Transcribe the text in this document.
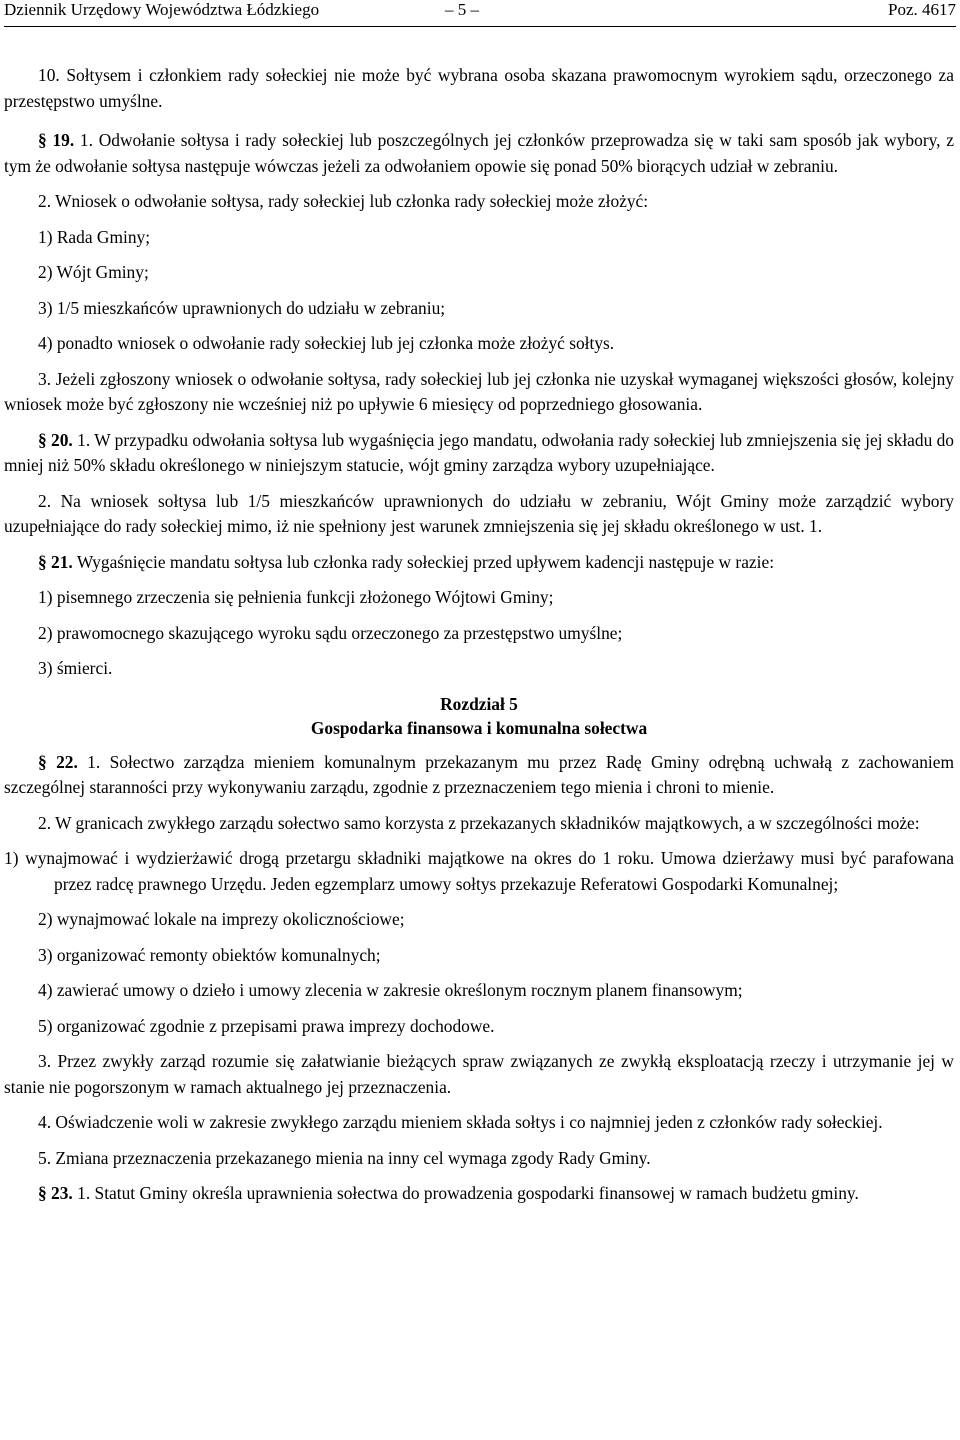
Dziennik Urzędowy Województwa Łódzkiego	– 5 –	Poz. 4617

10. Sołtysem i członkiem rady sołeckiej nie może być wybrana osoba skazana prawomocnym wyrokiem sądu, orzeczonego za przestępstwo umyślne.

§ 19. 1. Odwołanie sołtysa i rady sołeckiej lub poszczególnych jej członków przeprowadza się w taki sam sposób jak wybory, z tym że odwołanie sołtysa następuje wówczas jeżeli za odwołaniem opowie się ponad 50% biorących udział w zebraniu.

2. Wniosek o odwołanie sołtysa, rady sołeckiej lub członka rady sołeckiej może złożyć:

1) Rada Gminy;

2) Wójt Gminy;

3) 1/5 mieszkańców uprawnionych do udziału w zebraniu;

4) ponadto wniosek o odwołanie rady sołeckiej lub jej członka może złożyć sołtys.

3. Jeżeli zgłoszony wniosek o odwołanie sołtysa, rady sołeckiej lub jej członka nie uzyskał wymaganej większości głosów, kolejny wniosek może być zgłoszony nie wcześniej niż po upływie 6 miesięcy od poprzedniego głosowania.

§ 20. 1. W przypadku odwołania sołtysa lub wygaśnięcia jego mandatu, odwołania rady sołeckiej lub zmniejszenia się jej składu do mniej niż 50% składu określonego w niniejszym statucie, wójt gminy zarządza wybory uzupełniające.

2. Na wniosek sołtysa lub 1/5 mieszkańców uprawnionych do udziału w zebraniu, Wójt Gminy może zarządzić wybory uzupełniające do rady sołeckiej mimo, iż nie spełniony jest warunek zmniejszenia się jej składu określonego w ust. 1.

§ 21. Wygaśnięcie mandatu sołtysa lub członka rady sołeckiej przed upływem kadencji następuje w razie:

1) pisemnego zrzeczenia się pełnienia funkcji złożonego Wójtowi Gminy;

2) prawomocnego skazującego wyroku sądu orzeczonego za przestępstwo umyślne;

3) śmierci.

Rozdział 5
Gospodarka finansowa i komunalna sołectwa

§ 22. 1. Sołectwo zarządza mieniem komunalnym przekazanym mu przez Radę Gminy odrębną uchwałą z zachowaniem szczególnej staranności przy wykonywaniu zarządu, zgodnie z przeznaczeniem tego mienia i chroni to mienie.

2. W granicach zwykłego zarządu sołectwo samo korzysta z przekazanych składników majątkowych, a w szczególności może:

1) wynajmować i wydzierżawić drogą przetargu składniki majątkowe na okres do 1 roku. Umowa dzierżawy musi być parafowana przez radcę prawnego Urzędu. Jeden egzemplarz umowy sołtys przekazuje Referatowi Gospodarki Komunalnej;

2) wynajmować lokale na imprezy okolicznościowe;

3) organizować remonty obiektów komunalnych;

4) zawierać umowy o dzieło i umowy zlecenia w zakresie określonym rocznym planem finansowym;

5) organizować zgodnie z przepisami prawa imprezy dochodowe.

3. Przez zwykły zarząd rozumie się załatwianie bieżących spraw związanych ze zwykłą eksploatacją rzeczy i utrzymanie jej w stanie nie pogorszonym w ramach aktualnego jej przeznaczenia.

4. Oświadczenie woli w zakresie zwykłego zarządu mieniem składa sołtys i co najmniej jeden z członków rady sołeckiej.

5. Zmiana przeznaczenia przekazanego mienia na inny cel wymaga zgody Rady Gminy.

§ 23. 1. Statut Gminy określa uprawnienia sołectwa do prowadzenia gospodarki finansowej w ramach budżetu gminy.
